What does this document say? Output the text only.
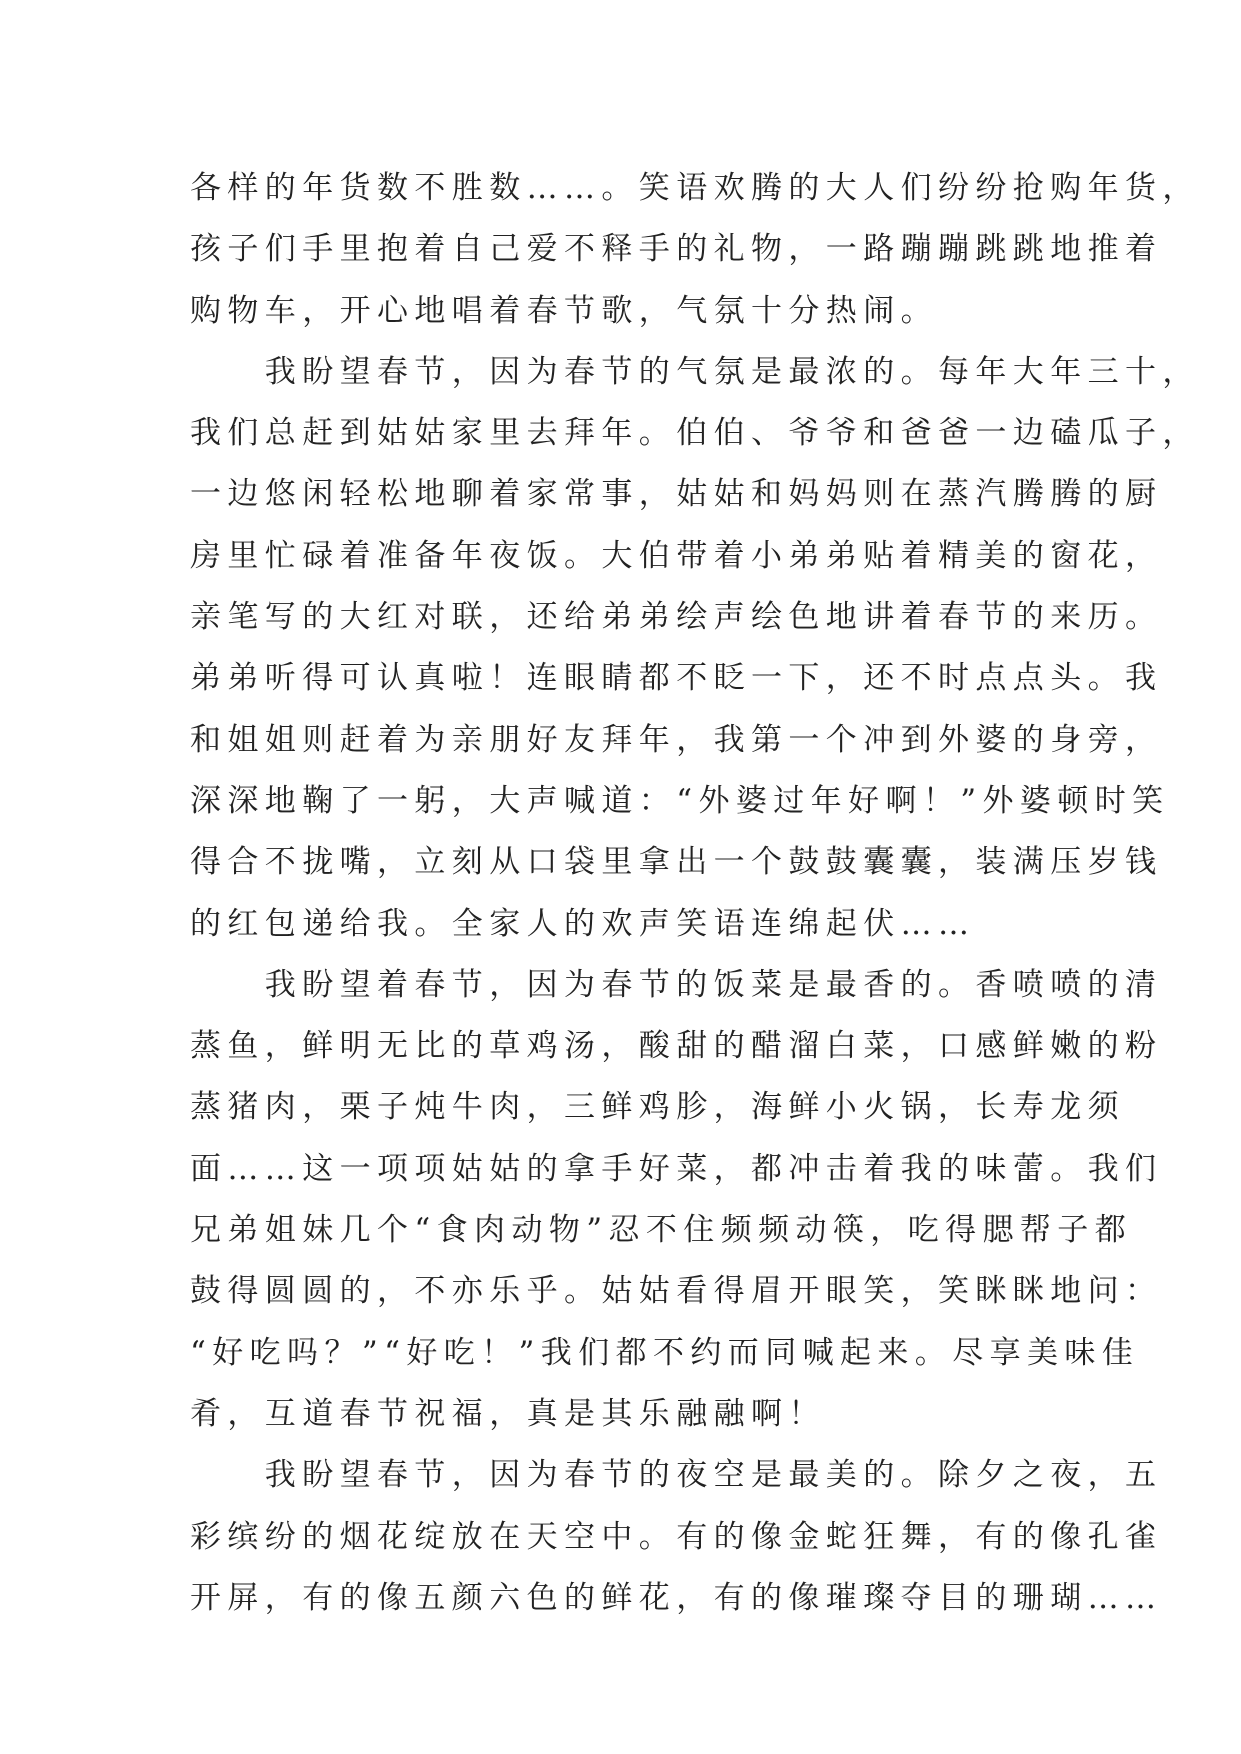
各样的年货数不胜数……。笑语欢腾的大人们纷纷抢购年货，

孩子们手里抱着自己爱不释手的礼物，一路蹦蹦跳跳地推着

购物车，开心地唱着春节歌，气氛十分热闹。

　　我盼望春节，因为春节的气氛是最浓的。每年大年三十，

我们总赶到姑姑家里去拜年。伯伯、爷爷和爸爸一边磕瓜子，

一边悠闲轻松地聊着家常事，姑姑和妈妈则在蒸汽腾腾的厨

房里忙碌着准备年夜饭。大伯带着小弟弟贴着精美的窗花，

亲笔写的大红对联，还给弟弟绘声绘色地讲着春节的来历。

弟弟听得可认真啦！连眼睛都不眨一下，还不时点点头。我

和姐姐则赶着为亲朋好友拜年，我第一个冲到外婆的身旁，

深深地鞠了一躬，大声喊道：“外婆过年好啊！”外婆顿时笑

得合不拢嘴，立刻从口袋里拿出一个鼓鼓囊囊，装满压岁钱

的红包递给我。全家人的欢声笑语连绵起伏……

　　我盼望着春节，因为春节的饭菜是最香的。香喷喷的清

蒸鱼，鲜明无比的草鸡汤，酸甜的醋溜白菜，口感鲜嫩的粉

蒸猪肉，栗子炖牛肉，三鲜鸡胗，海鲜小火锅，长寿龙须

面……这一项项姑姑的拿手好菜，都冲击着我的味蕾。我们

兄弟姐妹几个“食肉动物”忍不住频频动筷，吃得腮帮子都

鼓得圆圆的，不亦乐乎。姑姑看得眉开眼笑，笑眯眯地问：

“好吃吗？”“好吃！”我们都不约而同喊起来。尽享美味佳

肴，互道春节祝福，真是其乐融融啊！

　　我盼望春节，因为春节的夜空是最美的。除夕之夜，五

彩缤纷的烟花绽放在天空中。有的像金蛇狂舞，有的像孔雀

开屏，有的像五颜六色的鲜花，有的像璀璨夺目的珊瑚……
